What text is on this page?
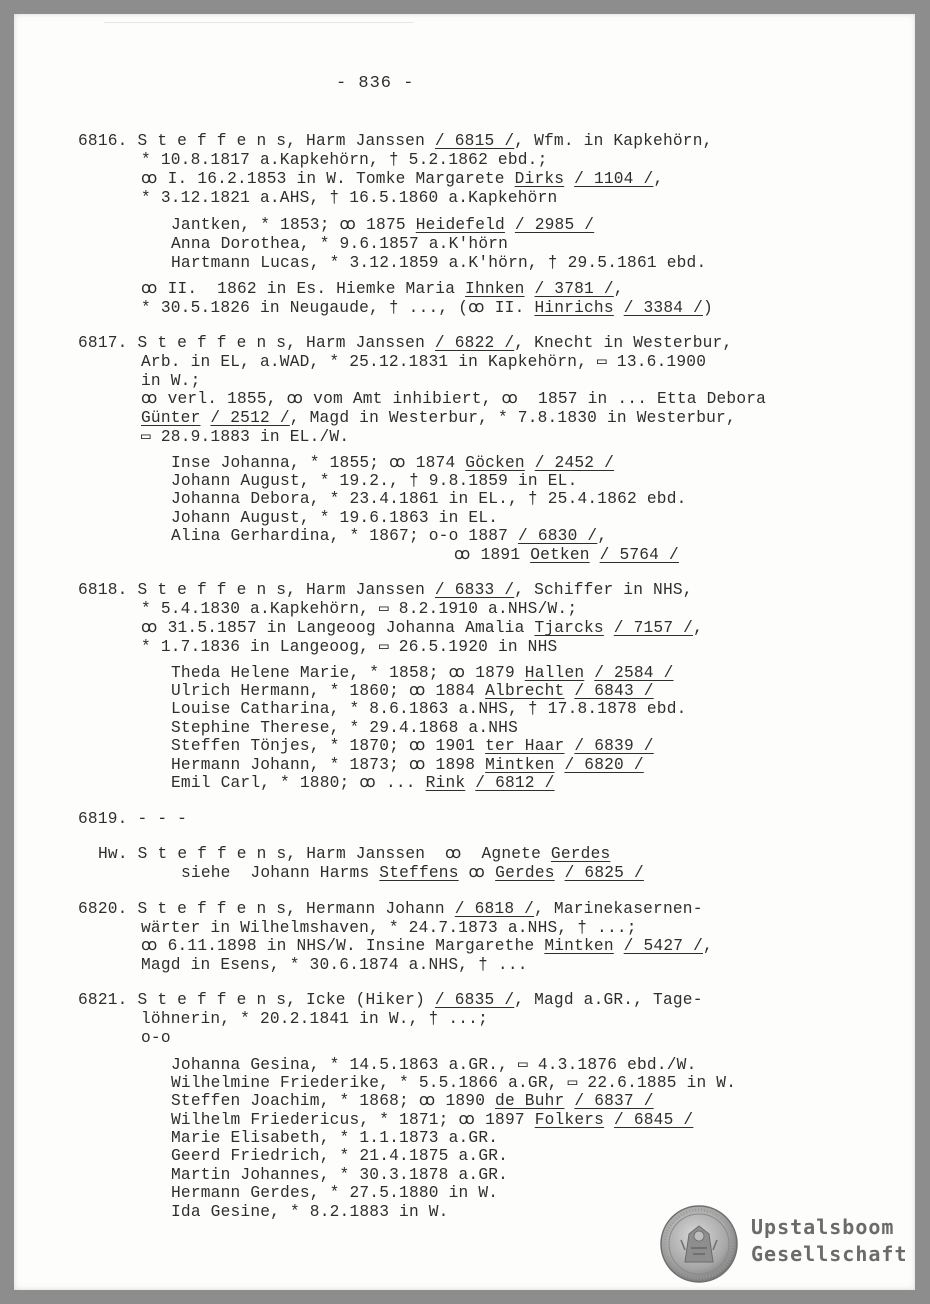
- 836 -
6816. S t e f f e n s, Harm Janssen / 6815 /, Wfm. in Kapkehörn,
* 10.8.1817 a.Kapkehörn, † 5.2.1862 ebd.;
ꝏ I. 16.2.1853 in W. Tomke Margarete Dirks / 1104 /,
* 3.12.1821 a.AHS, † 16.5.1860 a.Kapkehörn
Jantken, * 1853; ꝏ 1875 Heidefeld / 2985 /
Anna Dorothea, * 9.6.1857 a.K'hörn
Hartmann Lucas, * 3.12.1859 a.K'hörn, † 29.5.1861 ebd.
ꝏ II.  1862 in Es. Hiemke Maria Ihnken / 3781 /,
* 30.5.1826 in Neugaude, † ..., (ꝏ II. Hinrichs / 3384 /)
6817. S t e f f e n s, Harm Janssen / 6822 /, Knecht in Westerbur,
Arb. in EL, a.WAD, * 25.12.1831 in Kapkehörn, ▭ 13.6.1900
in W.;
ꝏ verl. 1855, ꝏ vom Amt inhibiert, ꝏ  1857 in ... Etta Debora
Günter / 2512 /, Magd in Westerbur, * 7.8.1830 in Westerbur,
▭ 28.9.1883 in EL./W.
Inse Johanna, * 1855; ꝏ 1874 Göcken / 2452 /
Johann August, * 19.2., † 9.8.1859 in EL.
Johanna Debora, * 23.4.1861 in EL., † 25.4.1862 ebd.
Johann August, * 19.6.1863 in EL.
Alina Gerhardina, * 1867; o-o 1887 / 6830 /,
ꝏ 1891 Oetken / 5764 /
6818. S t e f f e n s, Harm Janssen / 6833 /, Schiffer in NHS,
* 5.4.1830 a.Kapkehörn, ▭ 8.2.1910 a.NHS/W.;
ꝏ 31.5.1857 in Langeoog Johanna Amalia Tjarcks / 7157 /,
* 1.7.1836 in Langeoog, ▭ 26.5.1920 in NHS
Theda Helene Marie, * 1858; ꝏ 1879 Hallen / 2584 /
Ulrich Hermann, * 1860; ꝏ 1884 Albrecht / 6843 /
Louise Catharina, * 8.6.1863 a.NHS, † 17.8.1878 ebd.
Stephine Therese, * 29.4.1868 a.NHS
Steffen Tönjes, * 1870; ꝏ 1901 ter Haar / 6839 /
Hermann Johann, * 1873; ꝏ 1898 Mintken / 6820 /
Emil Carl, * 1880; ꝏ ... Rink / 6812 /
6819. - - -
Hw. S t e f f e n s, Harm Janssen  ꝏ  Agnete Gerdes
siehe  Johann Harms Steffens ꝏ Gerdes / 6825 /
6820. S t e f f e n s, Hermann Johann / 6818 /, Marinekasernen-
wärter in Wilhelmshaven, * 24.7.1873 a.NHS, † ...;
ꝏ 6.11.1898 in NHS/W. Insine Margarethe Mintken / 5427 /,
Magd in Esens, * 30.6.1874 a.NHS, † ...
6821. S t e f f e n s, Icke (Hiker) / 6835 /, Magd a.GR., Tage-
löhnerin, * 20.2.1841 in W., † ...;
o-o
Johanna Gesina, * 14.5.1863 a.GR., ▭ 4.3.1876 ebd./W.
Wilhelmine Friederike, * 5.5.1866 a.GR, ▭ 22.6.1885 in W.
Steffen Joachim, * 1868; ꝏ 1890 de Buhr / 6837 /
Wilhelm Friedericus, * 1871; ꝏ 1897 Folkers / 6845 /
Marie Elisabeth, * 1.1.1873 a.GR.
Geerd Friedrich, * 21.4.1875 a.GR.
Martin Johannes, * 30.3.1878 a.GR.
Hermann Gerdes, * 27.5.1880 in W.
Ida Gesine, * 8.2.1883 in W.
Upstalsboom
Gesellschaft
